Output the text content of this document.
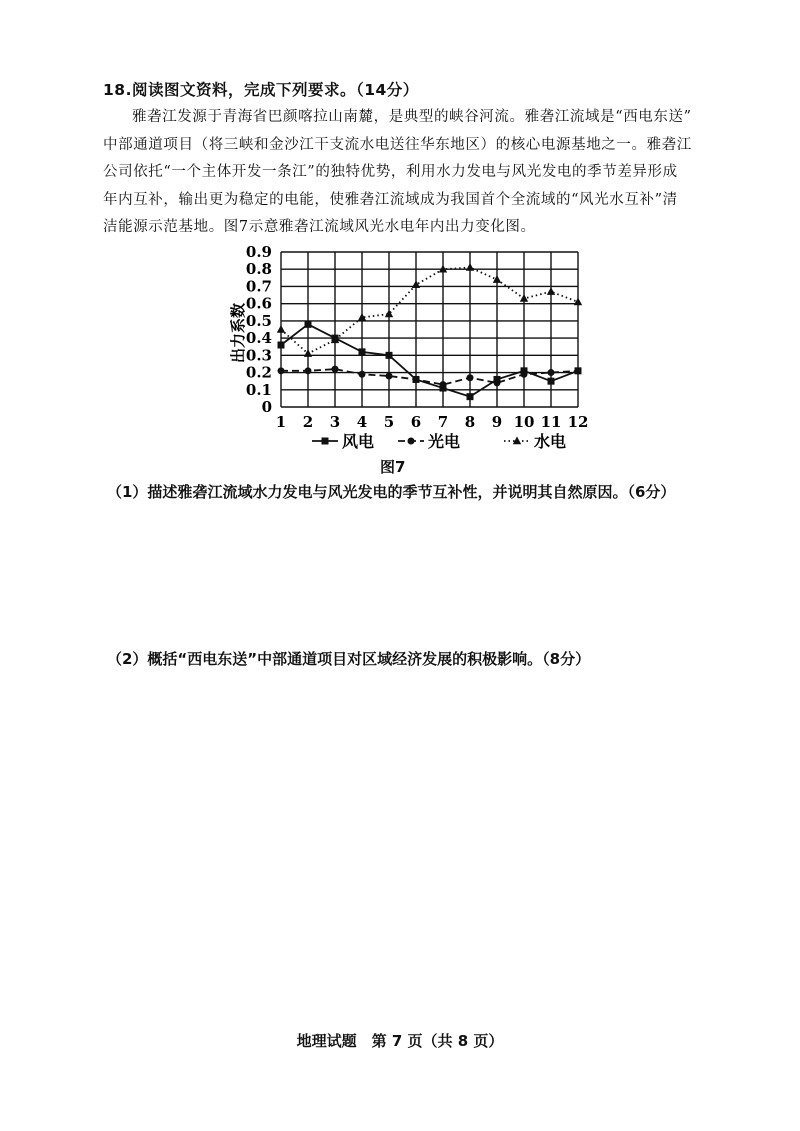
18.阅读图文资料，完成下列要求。（14分）
雅砻江发源于青海省巴颜喀拉山南麓，是典型的峡谷河流。雅砻江流域是“西电东送”
中部通道项目（将三峡和金沙江干支流水电送往华东地区）的核心电源基地之一。雅砻江
公司依托“一个主体开发一条江”的独特优势，利用水力发电与风光发电的季节差异形成
年内互补，输出更为稳定的电能，使雅砻江流域成为我国首个全流域的“风光水互补”清
洁能源示范基地。图7示意雅砻江流域风光水电年内出力变化图。
0
0.1
0.2
0.3
0.4
0.5
0.6
0.7
0.8
0.9
1 2 3 4 5 6 7 8 9 10 11 12
出力系数
风电	光电	水电
图7
（1）描述雅砻江流域水力发电与风光发电的季节互补性，并说明其自然原因。（6分）
（2）概括“西电东送”中部通道项目对区域经济发展的积极影响。（8分）
地理试题　第 7 页（共 8 页）
